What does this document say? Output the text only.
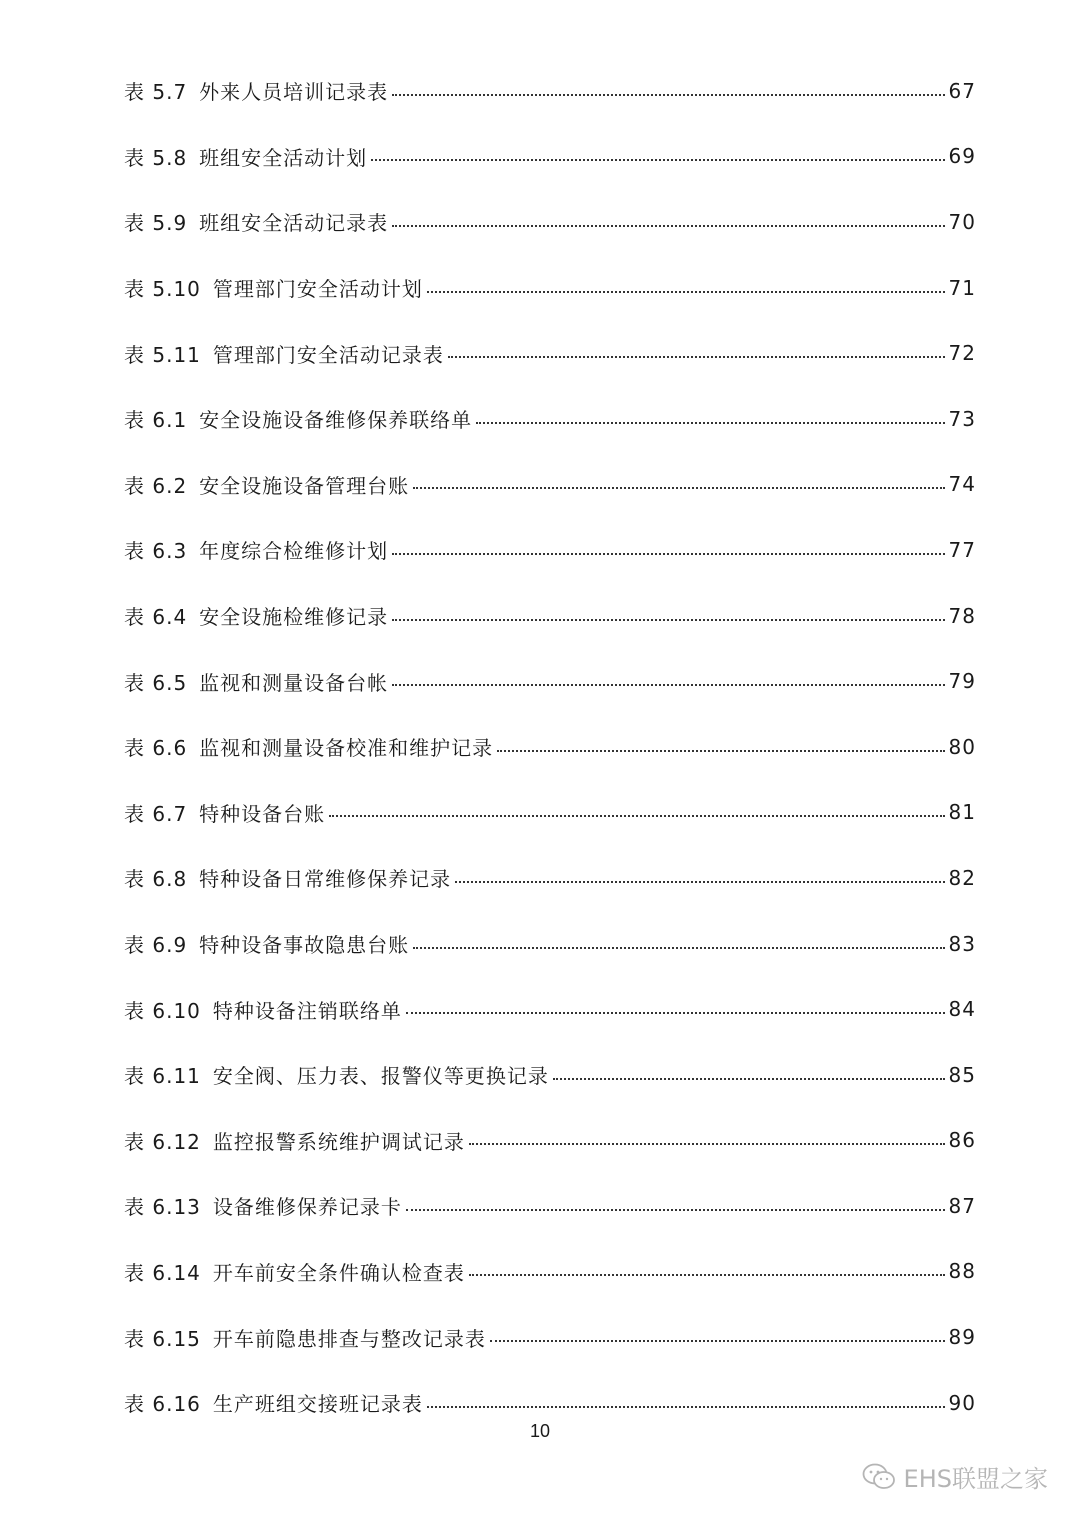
表 5.7 外来人员培训记录表	67
表 5.8 班组安全活动计划	69
表 5.9 班组安全活动记录表	70
表 5.10 管理部门安全活动计划	71
表 5.11 管理部门安全活动记录表	72
表 6.1 安全设施设备维修保养联络单	73
表 6.2 安全设施设备管理台账	74
表 6.3 年度综合检维修计划	77
表 6.4 安全设施检维修记录	78
表 6.5 监视和测量设备台帐	79
表 6.6 监视和测量设备校准和维护记录	80
表 6.7 特种设备台账	81
表 6.8 特种设备日常维修保养记录	82
表 6.9 特种设备事故隐患台账	83
表 6.10 特种设备注销联络单	84
表 6.11 安全阀、压力表、报警仪等更换记录	85
表 6.12 监控报警系统维护调试记录	86
表 6.13 设备维修保养记录卡	87
表 6.14 开车前安全条件确认检查表	88
表 6.15 开车前隐患排查与整改记录表	89
表 6.16 生产班组交接班记录表	90
10
EHS联盟之家
